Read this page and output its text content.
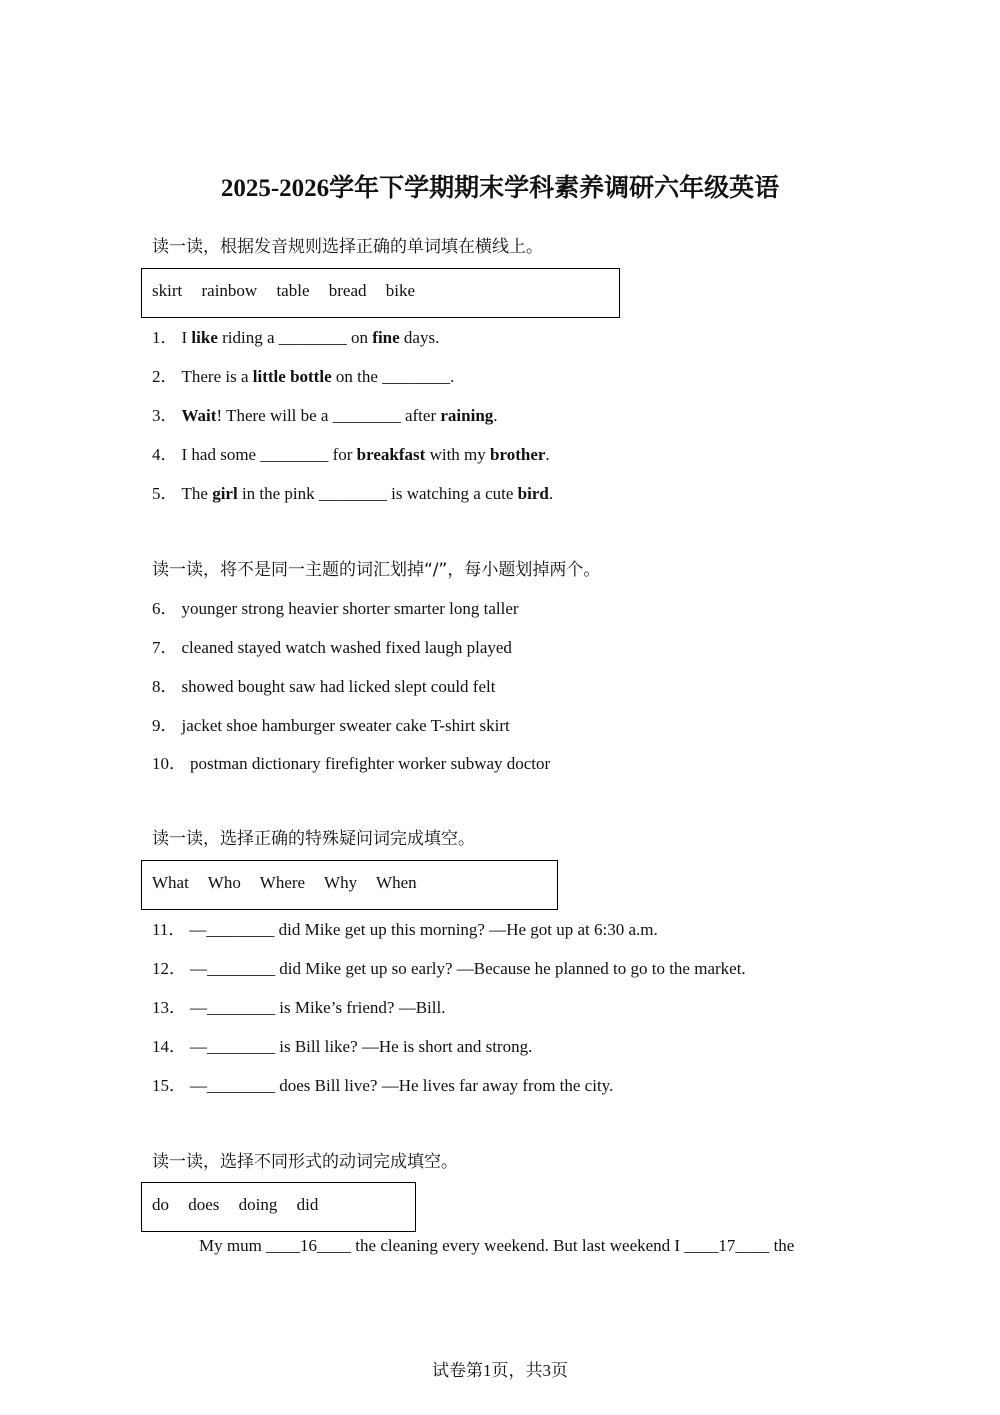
2025-2026学年下学期期末学科素养调研六年级英语

读一读，根据发音规则选择正确的单词填在横线上。

skirt rainbow table bread bike

1． I like riding a ________ on fine days.

2． There is a little bottle on the ________.

3． Wait! There will be a ________ after raining.

4． I had some ________ for breakfast with my brother.

5． The girl in the pink ________ is watching a cute bird.

读一读，将不是同一主题的词汇划掉“/”，每小题划掉两个。

6． younger strong heavier shorter smarter long taller

7． cleaned stayed watch washed fixed laugh played

8． showed bought saw had licked slept could felt

9． jacket shoe hamburger sweater cake T-shirt skirt

10． postman dictionary firefighter worker subway doctor

读一读，选择正确的特殊疑问词完成填空。

What Who Where Why When

11． —________ did Mike get up this morning? —He got up at 6:30 a.m.

12． —________ did Mike get up so early? —Because he planned to go to the market.

13． —________ is Mike’s friend? —Bill.

14． —________ is Bill like? —He is short and strong.

15． —________ does Bill live? —He lives far away from the city.

读一读，选择不同形式的动词完成填空。

do does doing did

My mum ____16____ the cleaning every weekend. But last weekend I ____17____ the

试卷第1页，共3页
